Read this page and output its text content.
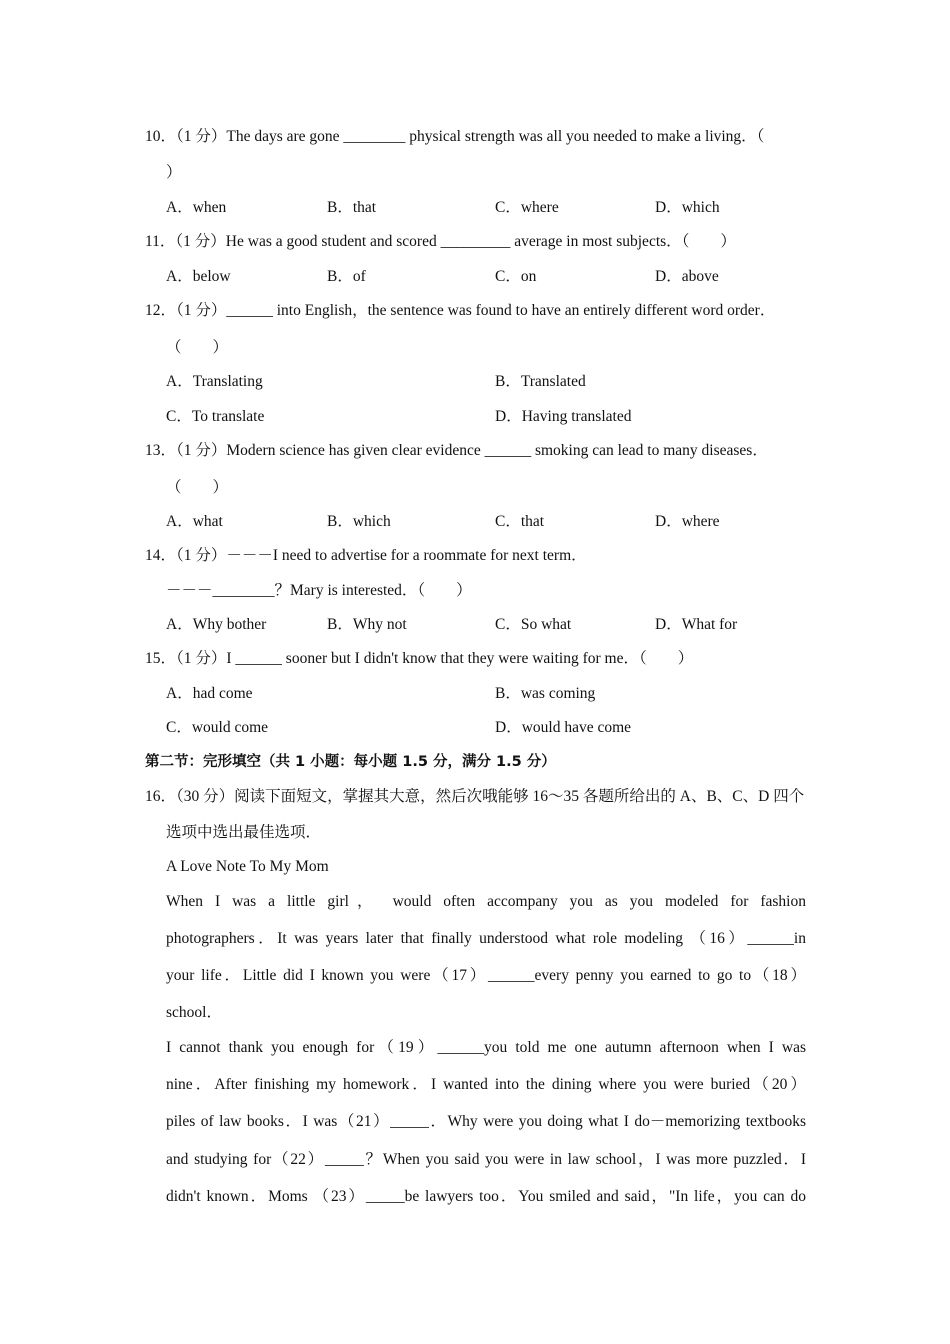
10．（1 分）The days are gone ________ physical strength was all you needed to make a living．（
）
A．when	B．that	C．where	D．which
11．（1 分）He was a good student and scored _________ average in most subjects．（　　）
A．below	B．of	C．on	D．above
12．（1 分）______ into English，the sentence was found to have an entirely different word order．
（　　）
A．Translating	B．Translated
C．To translate	D．Having translated
13．（1 分）Modern science has given clear evidence ______ smoking can lead to many diseases．
（　　）
A．what	B．which	C．that	D．where
14．（1 分）－－－I need to advertise for a roommate for next term．
－－－________？Mary is interested．（　　）
A．Why bother	B．Why not	C．So what	D．What for
15．（1 分）I ______ sooner but I didn't know that they were waiting for me．（　　）
A．had come	B．was coming
C．would come	D．would have come
第二节：完形填空（共 1 小题：每小题 1.5 分，满分 1.5 分）
16．（30 分）阅读下面短文，掌握其大意，然后次哦能够 16～35 各题所给出的 A、B、C、D 四个
选项中选出最佳选项．
A Love Note To My Mom
When I was a little girl， would often accompany you as you modeled for fashion
photographers．It was years later that finally understood what role modeling （16）______in
your life．Little did I known you were（17）______every penny you earned to go to（18）
school．
I cannot thank you enough for（19）______you told me one autumn afternoon when I was
nine．After finishing my homework．I wanted into the dining where you were buried（20）
piles of law books．I was（21）_____．Why were you doing what I do－memorizing textbooks
and studying for（22）_____？When you said you were in law school，I was more puzzled．I
didn't known．Moms （23）_____be lawyers too．You smiled and said，"In life，you can do
